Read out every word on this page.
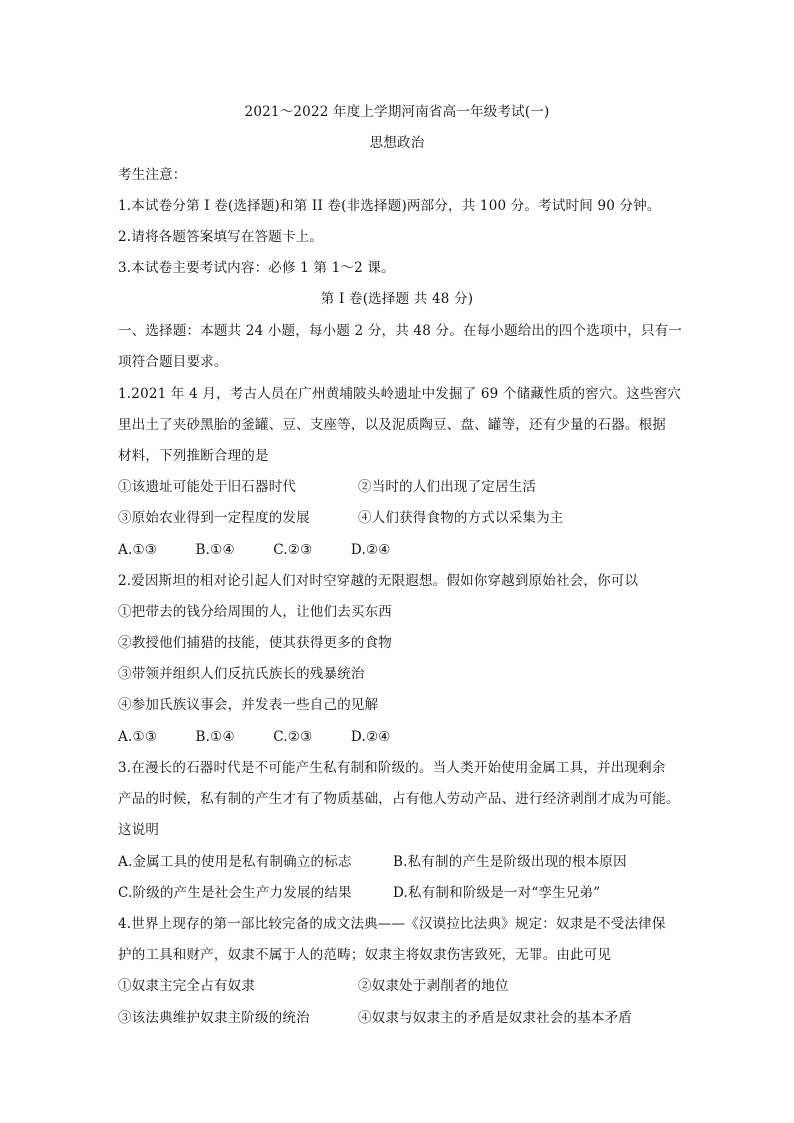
2021～2022 年度上学期河南省高一年级考试(一)
思想政治
考生注意：
1.本试卷分第 I 卷(选择题)和第 II 卷(非选择题)两部分，共 100 分。考试时间 90 分钟。
2.请将各题答案填写在答题卡上。
3.本试卷主要考试内容：必修 1 第 1～2 课。
第 I 卷(选择题 共 48 分)
一、选择题：本题共 24 小题，每小题 2 分，共 48 分。在每小题给出的四个选项中，只有一
项符合题目要求。
1.2021 年 4 月，考古人员在广州黄埔陂头岭遗址中发掘了 69 个储藏性质的窖穴。这些窖穴
里出土了夹砂黑胎的釜罐、豆、支座等，以及泥质陶豆、盘、罐等，还有少量的石器。根据
材料，下列推断合理的是
①该遗址可能处于旧石器时代	②当时的人们出现了定居生活
③原始农业得到一定程度的发展	④人们获得食物的方式以采集为主
A.①③	B.①④	C.②③	D.②④
2.爱因斯坦的相对论引起人们对时空穿越的无限遐想。假如你穿越到原始社会，你可以
①把带去的钱分给周围的人，让他们去买东西
②教授他们捕猎的技能，使其获得更多的食物
③带领并组织人们反抗氏族长的残暴统治
④参加氏族议事会，并发表一些自己的见解
A.①③	B.①④	C.②③	D.②④
3.在漫长的石器时代是不可能产生私有制和阶级的。当人类开始使用金属工具，并出现剩余
产品的时候，私有制的产生才有了物质基础，占有他人劳动产品、进行经济剥削才成为可能。
这说明
A.金属工具的使用是私有制确立的标志	B.私有制的产生是阶级出现的根本原因
C.阶级的产生是社会生产力发展的结果	D.私有制和阶级是一对“孪生兄弟”
4.世界上现存的第一部比较完备的成文法典——《汉谟拉比法典》规定：奴隶是不受法律保
护的工具和财产，奴隶不属于人的范畴；奴隶主将奴隶伤害致死，无罪。由此可见
①奴隶主完全占有奴隶	②奴隶处于剥削者的地位
③该法典维护奴隶主阶级的统治	④奴隶与奴隶主的矛盾是奴隶社会的基本矛盾
